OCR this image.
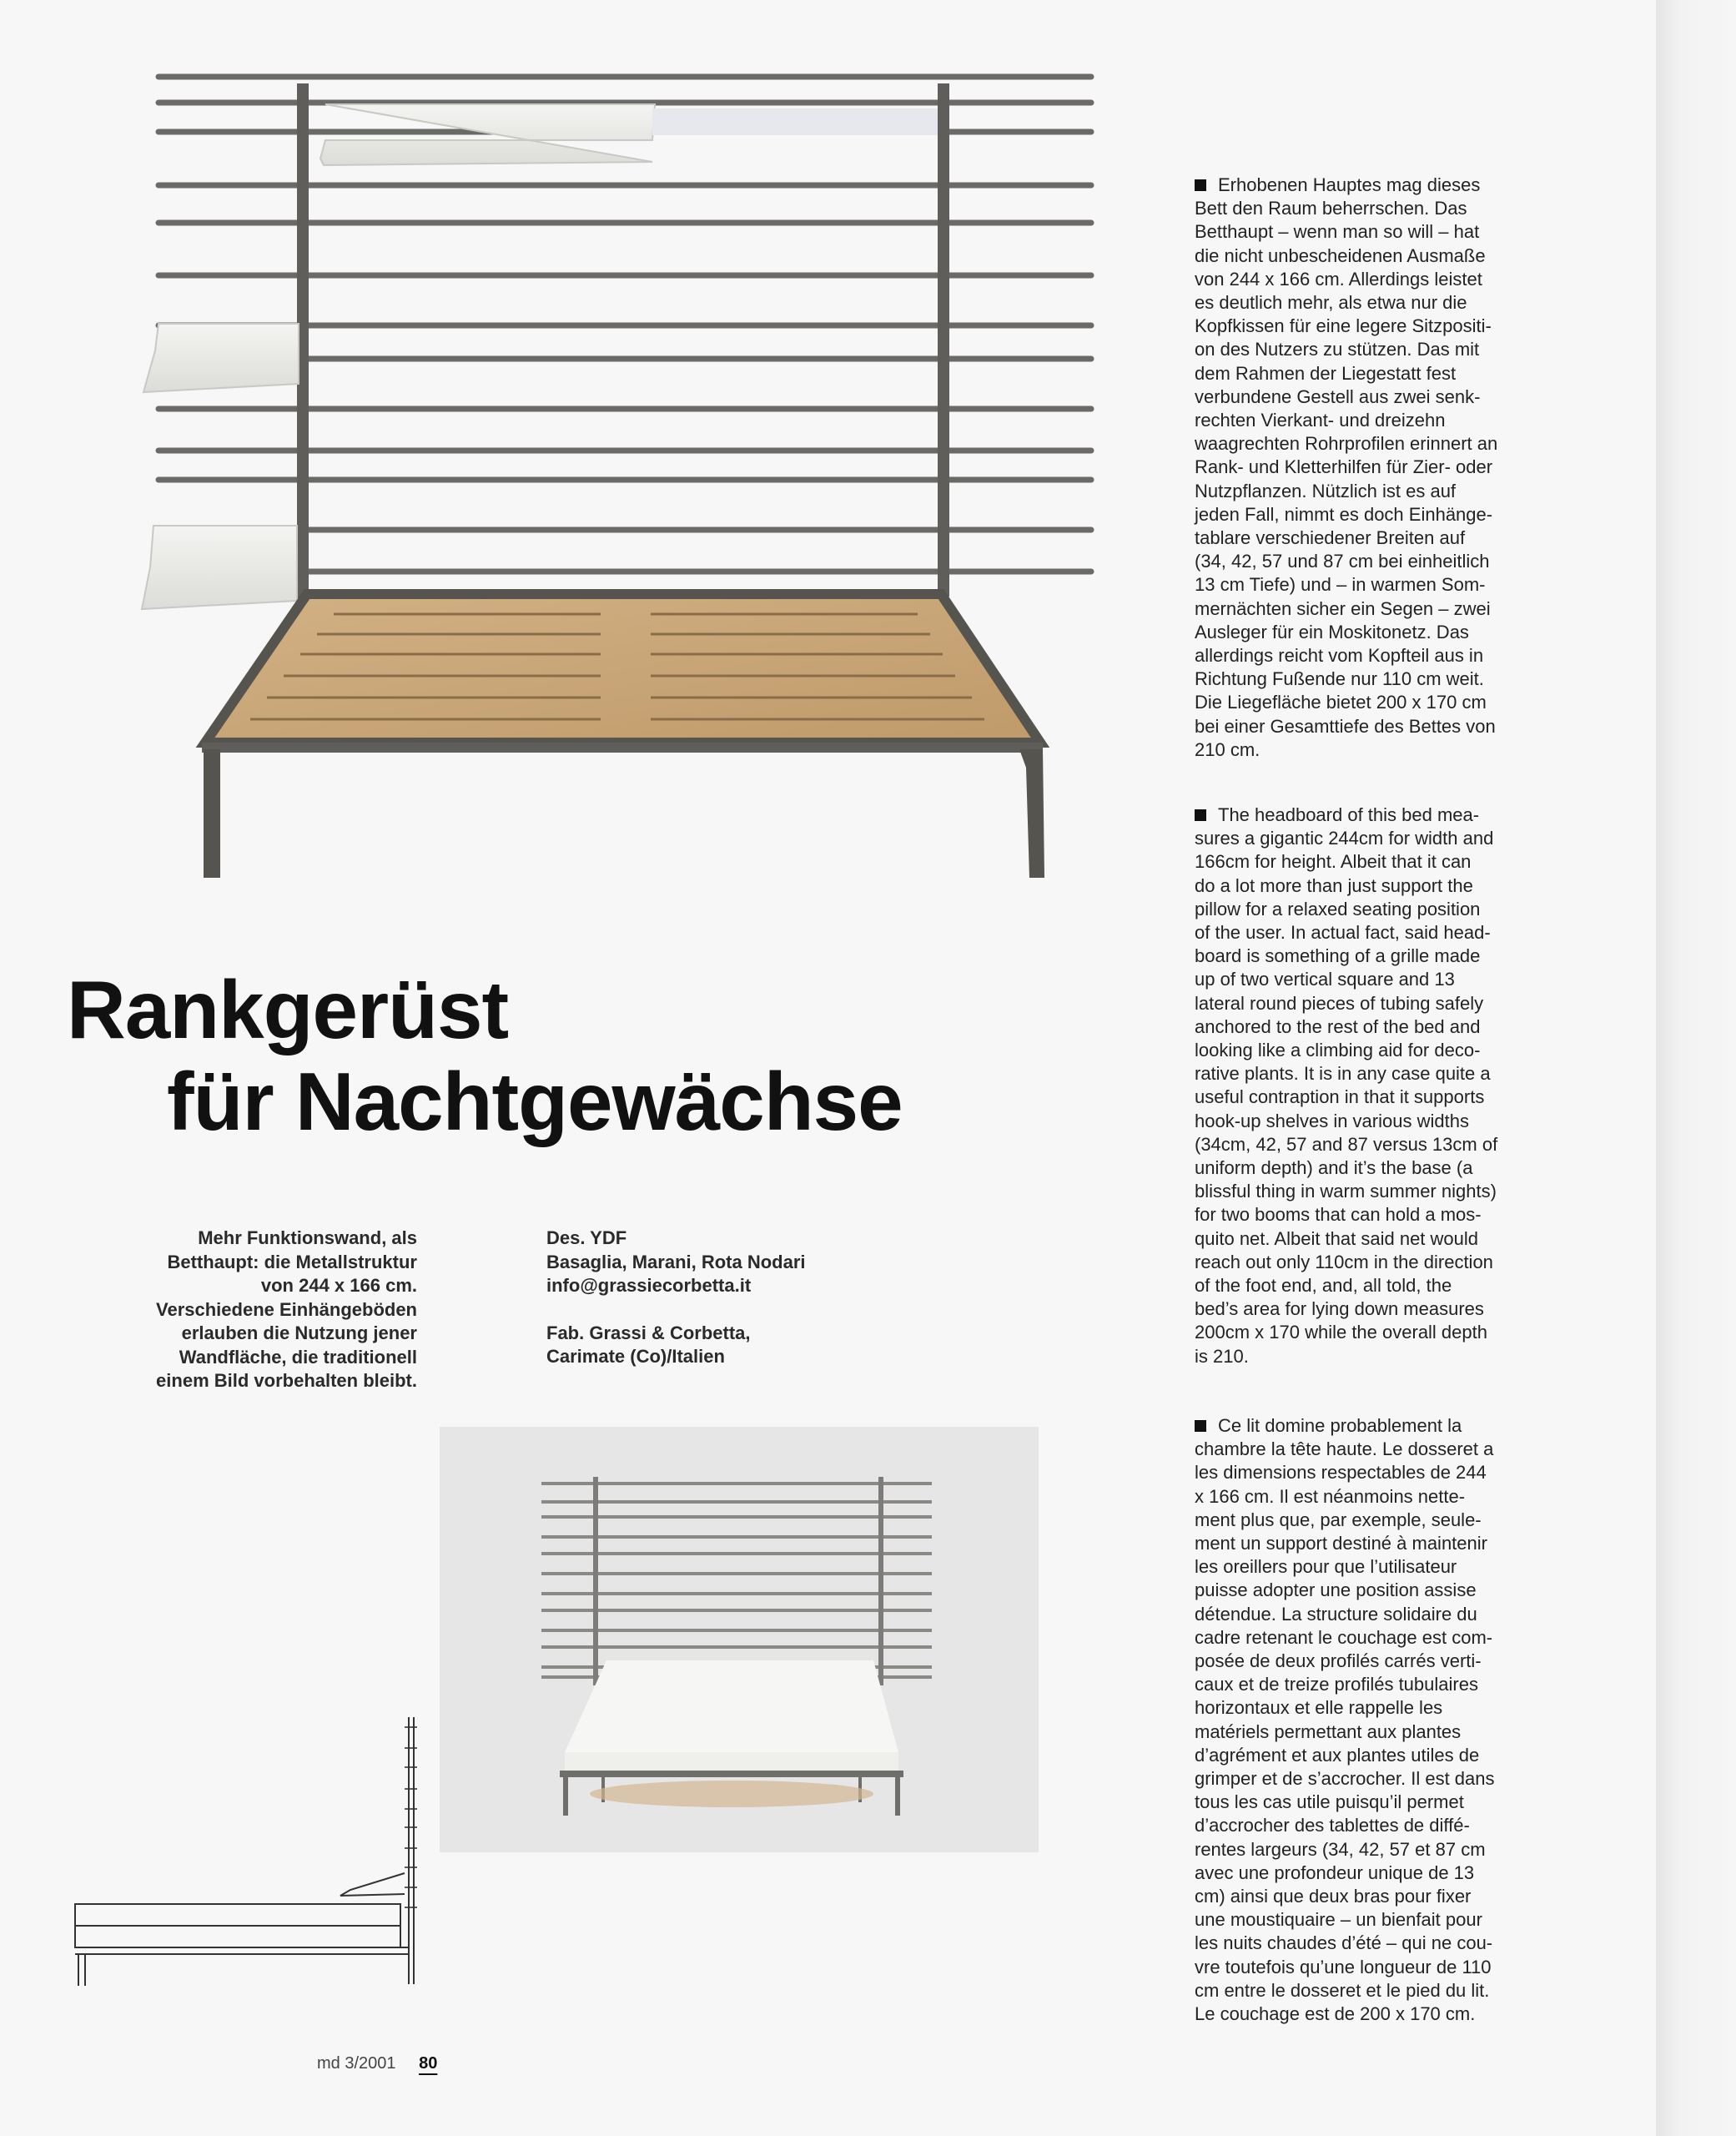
Rankgerüst
für Nachtgewächse
Mehr Funktionswand, als Betthaupt: die Metallstruktur von 244 x 166 cm. Verschiedene Einhängeböden erlauben die Nutzung jener Wandfläche, die traditionell einem Bild vorbehalten bleibt.
Des. YDF
Basaglia, Marani, Rota Nodari
info@grassiecorbetta.it
Fab. Grassi & Corbetta,
Carimate (Co)/Italien
Erhobenen Hauptes mag dieses
Bett den Raum beherrschen. Das
Betthaupt – wenn man so will – hat
die nicht unbescheidenen Ausmaße
von 244 x 166 cm. Allerdings leistet
es deutlich mehr, als etwa nur die
Kopfkissen für eine legere Sitzpositi-
on des Nutzers zu stützen. Das mit
dem Rahmen der Liegestatt fest
verbundene Gestell aus zwei senk-
rechten Vierkant- und dreizehn
waagrechten Rohrprofilen erinnert an
Rank- und Kletterhilfen für Zier- oder
Nutzpflanzen. Nützlich ist es auf
jeden Fall, nimmt es doch Einhänge-
tablare verschiedener Breiten auf
(34, 42, 57 und 87 cm bei einheitlich
13 cm Tiefe) und – in warmen Som-
mernächten sicher ein Segen – zwei
Ausleger für ein Moskitonetz. Das
allerdings reicht vom Kopfteil aus in
Richtung Fußende nur 110 cm weit.
Die Liegefläche bietet 200 x 170 cm
bei einer Gesamttiefe des Bettes von
210 cm.
The headboard of this bed mea-
sures a gigantic 244cm for width and
166cm for height. Albeit that it can
do a lot more than just support the
pillow for a relaxed seating position
of the user. In actual fact, said head-
board is something of a grille made
up of two vertical square and 13
lateral round pieces of tubing safely
anchored to the rest of the bed and
looking like a climbing aid for deco-
rative plants. It is in any case quite a
useful contraption in that it supports
hook-up shelves in various widths
(34cm, 42, 57 and 87 versus 13cm of
uniform depth) and it’s the base (a
blissful thing in warm summer nights)
for two booms that can hold a mos-
quito net. Albeit that said net would
reach out only 110cm in the direction
of the foot end, and, all told, the
bed’s area for lying down measures
200cm x 170 while the overall depth
is 210.
Ce lit domine probablement la
chambre la tête haute. Le dosseret a
les dimensions respectables de 244
x 166 cm. Il est néanmoins nette-
ment plus que, par exemple, seule-
ment un support destiné à maintenir
les oreillers pour que l’utilisateur
puisse adopter une position assise
détendue. La structure solidaire du
cadre retenant le couchage est com-
posée de deux profilés carrés verti-
caux et de treize profilés tubulaires
horizontaux et elle rappelle les
matériels permettant aux plantes
d’agrément et aux plantes utiles de
grimper et de s’accrocher. Il est dans
tous les cas utile puisqu’il permet
d’accrocher des tablettes de diffé-
rentes largeurs (34, 42, 57 et 87 cm
avec une profondeur unique de 13
cm) ainsi que deux bras pour fixer
une moustiquaire – un bienfait pour
les nuits chaudes d’été – qui ne cou-
vre toutefois qu’une longueur de 110
cm entre le dosseret et le pied du lit.
Le couchage est de 200 x 170 cm.
md 3/2001 80
